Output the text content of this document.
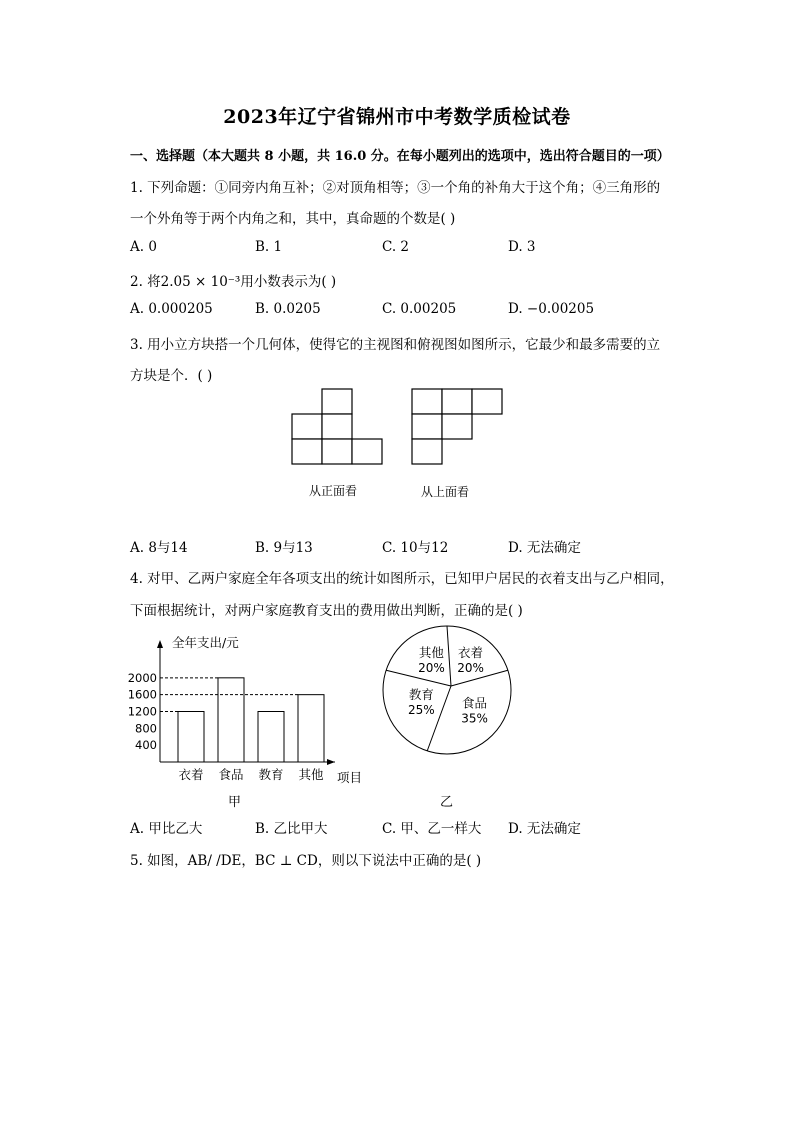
2023年辽宁省锦州市中考数学质检试卷
一、选择题（本大题共 8 小题，共 16.0 分。在每小题列出的选项中，选出符合题目的一项）
1. 下列命题：①同旁内角互补；②对顶角相等；③一个角的补角大于这个角；④三角形的
一个外角等于两个内角之和，其中，真命题的个数是( )
A. 0	B. 1	C. 2	D. 3
2. 将2.05 × 10⁻³用小数表示为( )
A. 0.000205	B. 0.0205	C. 0.00205	D. −0.00205
3. 用小立方块搭一个几何体，使得它的主视图和俯视图如图所示，它最少和最多需要的立
方块是个．( )
从正面看	从上面看
A. 8与14	B. 9与13	C. 10与12	D. 无法确定
4. 对甲、乙两户家庭全年各项支出的统计如图所示，已知甲户居民的衣着支出与乙户相同，
下面根据统计，对两户家庭教育支出的费用做出判断，正确的是( )
全年支出/元
项目
400
800
1200
1600
2000
衣着 食品 教育 其他
甲
衣着
20%
食品
35%
教育
25%
其他
20%
乙
A. 甲比乙大	B. 乙比甲大	C. 甲、乙一样大 D. 无法确定
5. 如图，AB/ /DE，BC ⊥ CD，则以下说法中正确的是( )
